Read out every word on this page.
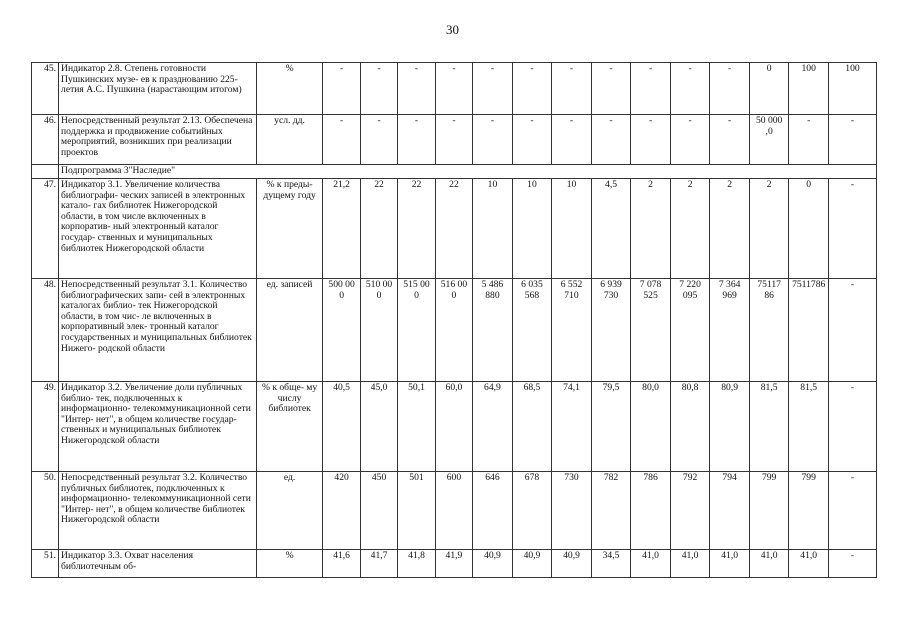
30
45.	Индикатор 2.8. Степень готовности Пушкинских музе- ев к празднованию 225-летия А.С. Пушкина (нарастающим итогом)	%	-	-	-	-	-	-	-	-	-	-	-	0	100	100
46.	Непосредственный результат 2.13. Обеспечена поддержка и продвижение событийных мероприятий, возникших при реализации проектов	усл. дд.	-	-	-	-	-	-	-	-	-	-	-	50 000 ,0	-	-
	Подпрограмма 3"Наследие"															
47.	Индикатор 3.1. Увеличение количества библиографи- ческих записей в электронных катало- гах библиотек Нижегородской области, в том числе включенных в корпоратив- ный электронный каталог государ- ственных и муниципальных библиотек Нижегородской области	% к преды- дущему году	21,2	22	22	22	10	10	10	4,5	2	2	2	2	0	-
48.	Непосредственный результат 3.1. Количество библиографических запи- сей в электронных каталогах библио- тек Нижегородской области, в том чис- ле включенных в корпоративный элек- тронный каталог государственных и муниципальных библиотек Нижего- родской области	ед. записей	500 00 0	510 00 0	515 00 0	516 00 0	5 486 880	6 035 568	6 552 710	6 939 730	7 078 525	7 220 095	7 364 969	75117 86	7511786	-
49.	Индикатор 3.2. Увеличение доли публичных библио- тек, подключенных к информационно- телекоммуникационной сети "Интер- нет", в общем количестве государ- ственных и муниципальных библиотек Нижегородской области	% к обще- му числу библиотек	40,5	45,0	50,1	60,0	64,9	68,5	74,1	79,5	80,0	80,8	80,9	81,5	81,5	-
50.	Непосредственный результат 3.2. Количество публичных библиотек, подключенных к информационно- телекоммуникационной сети "Интер- нет", в общем количестве библиотек Нижегородской области	ед.	420	450	501	600	646	678	730	782	786	792	794	799	799	-
51.	Индикатор 3.3. Охват населения библиотечным об-	%	41,6	41,7	41,8	41,9	40,9	40,9	40,9	34,5	41,0	41,0	41,0	41,0	41,0	-
